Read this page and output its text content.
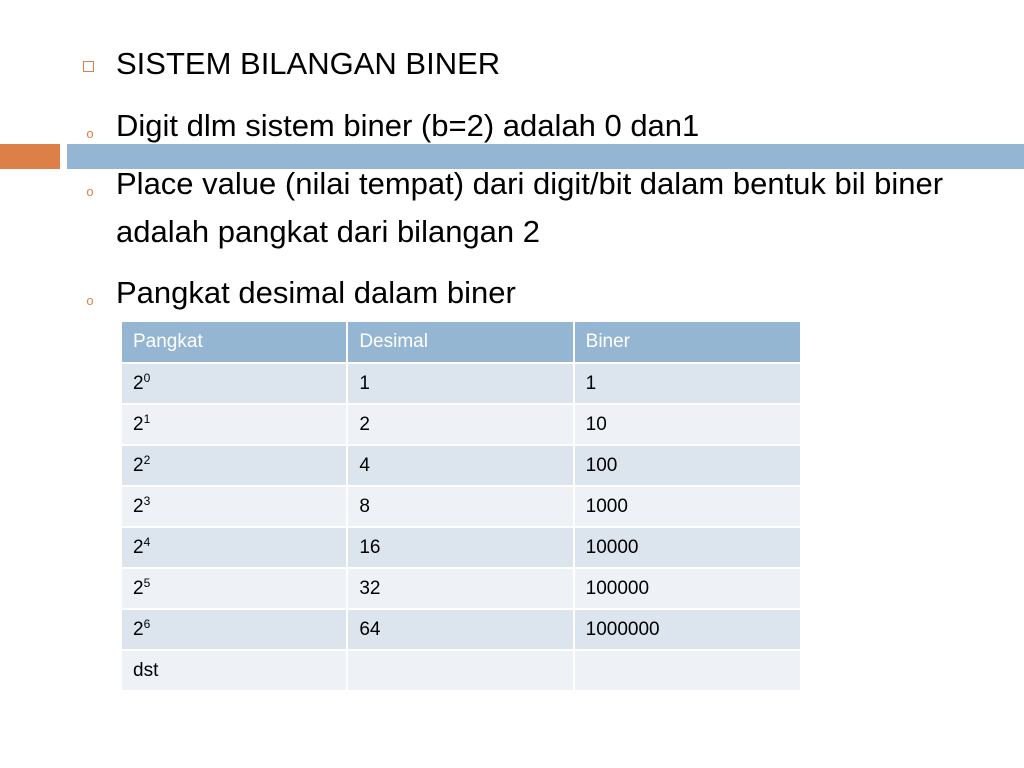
SISTEM BILANGAN BINER
o Digit dlm sistem biner (b=2) adalah 0 dan1
o Place value (nilai tempat) dari digit/bit dalam bentuk bil biner adalah pangkat dari bilangan 2
o Pangkat desimal dalam biner
Pangkat	Desimal	Biner
$2^0$	1	1
$2^1$	2	10
$2^2$	4	100
$2^3$	8	1000
$2^4$	16	10000
$2^5$	32	100000
$2^6$	64	1000000
dst		
